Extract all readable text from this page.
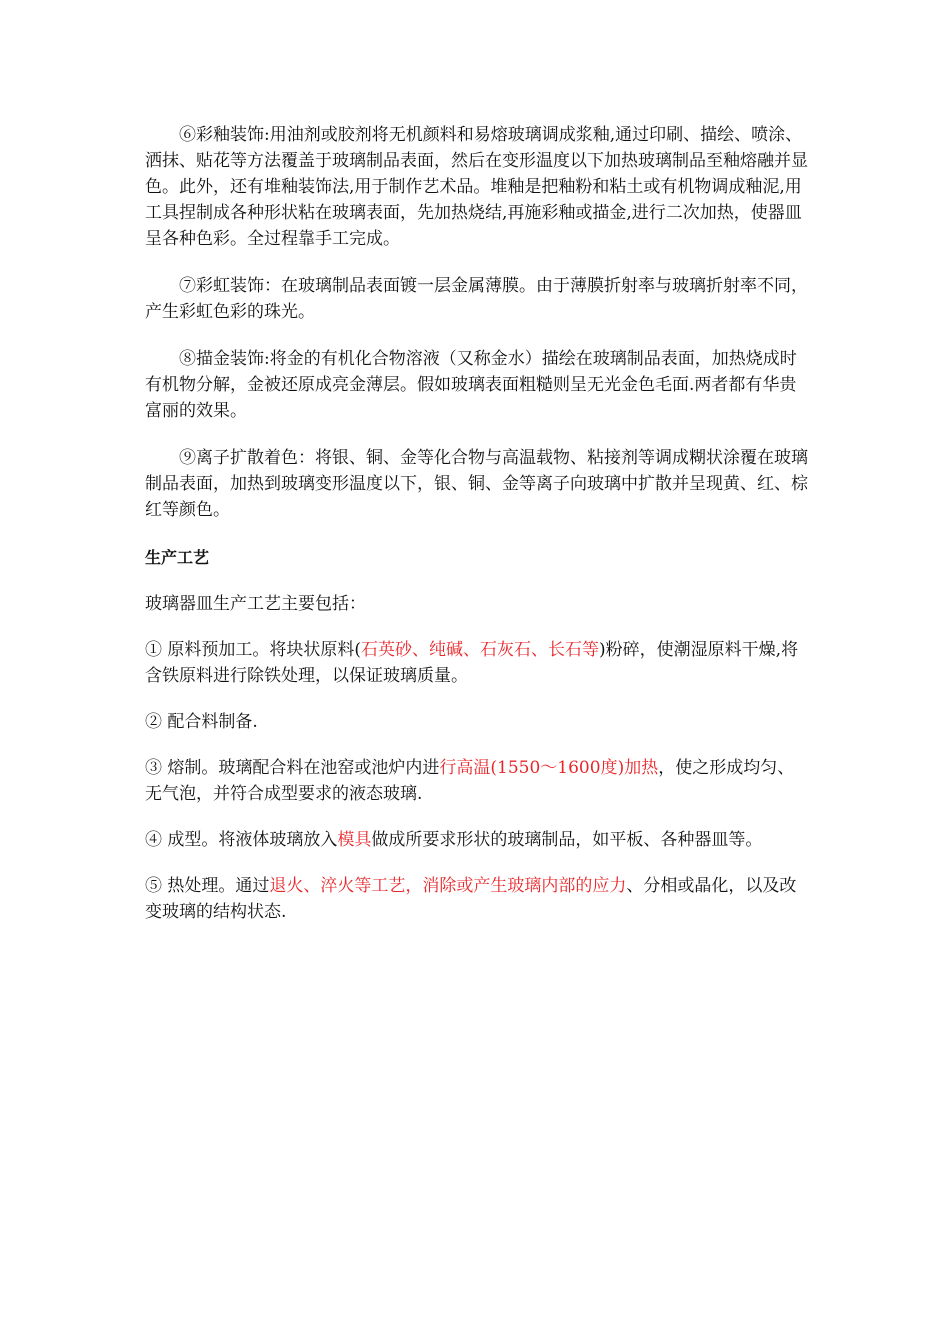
⑥彩釉装饰:用油剂或胶剂将无机颜料和易熔玻璃调成浆釉,通过印刷、描绘、喷涂、洒抹、贴花等方法覆盖于玻璃制品表面，然后在变形温度以下加热玻璃制品至釉熔融并显色。此外，还有堆釉装饰法,用于制作艺术品。堆釉是把釉粉和粘土或有机物调成釉泥,用工具捏制成各种形状粘在玻璃表面，先加热烧结,再施彩釉或描金,进行二次加热，使器皿呈各种色彩。全过程靠手工完成。

⑦彩虹装饰：在玻璃制品表面镀一层金属薄膜。由于薄膜折射率与玻璃折射率不同，产生彩虹色彩的珠光。

⑧描金装饰:将金的有机化合物溶液（又称金水）描绘在玻璃制品表面，加热烧成时有机物分解，金被还原成亮金薄层。假如玻璃表面粗糙则呈无光金色毛面.两者都有华贵富丽的效果。

⑨离子扩散着色：将银、铜、金等化合物与高温载物、粘接剂等调成糊状涂覆在玻璃制品表面，加热到玻璃变形温度以下，银、铜、金等离子向玻璃中扩散并呈现黄、红、棕红等颜色。

生产工艺

玻璃器皿生产工艺主要包括：

① 原料预加工。将块状原料(石英砂、纯碱、石灰石、长石等)粉碎，使潮湿原料干燥,将含铁原料进行除铁处理，以保证玻璃质量。

② 配合料制备.

③ 熔制。玻璃配合料在池窑或池炉内进行高温(1550～1600度)加热，使之形成均匀、无气泡，并符合成型要求的液态玻璃.

④ 成型。将液体玻璃放入模具做成所要求形状的玻璃制品，如平板、各种器皿等。

⑤ 热处理。通过退火、淬火等工艺，消除或产生玻璃内部的应力、分相或晶化，以及改变玻璃的结构状态.
